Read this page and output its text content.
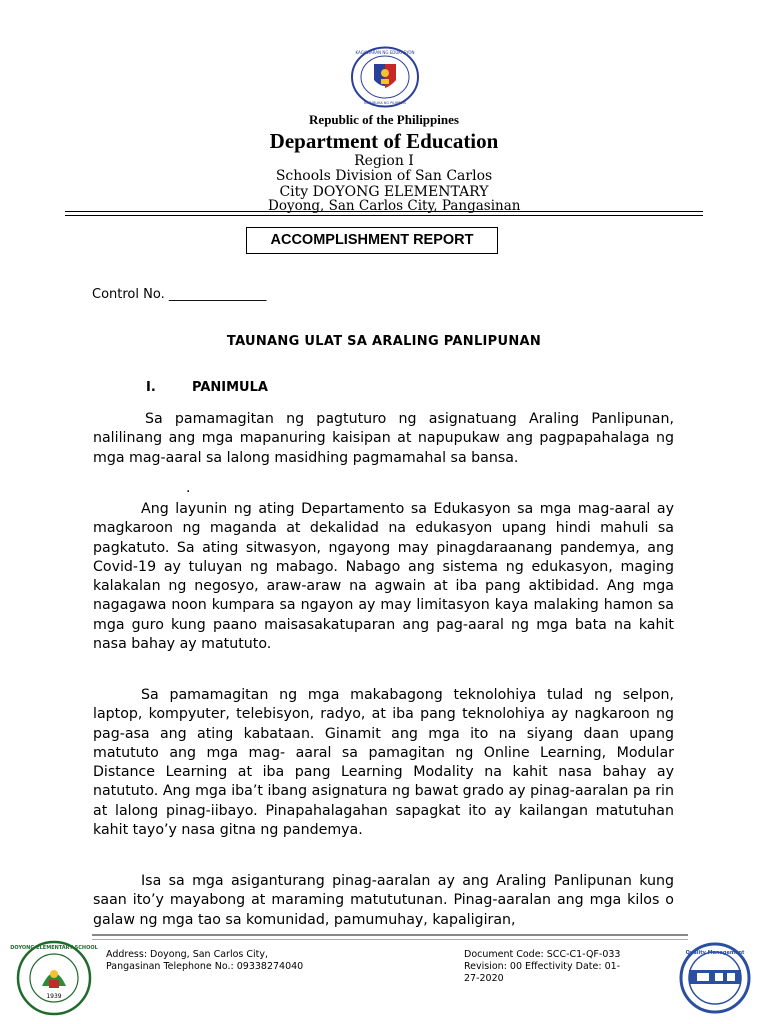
KAGAWARAN NG EDUKASYON
REPUBLIKA NG PILIPINAS
Republic of the Philippines
Department of Education
Region I
Schools Division of San Carlos
City DOYONG ELEMENTARY
Doyong, San Carlos City, Pangasinan
ACCOMPLISHMENT REPORT
Control No. _______________
TAUNANG ULAT SA ARALING PANLIPUNAN
I.	PANIMULA

Sa pamamagitan ng pagtuturo ng asignatuang Araling Panlipunan, nalilinang ang mga mapanuring kaisipan at napupukaw ang pagpapahalaga ng mga mag-aaral sa lalong masidhing pagmamahal sa bansa.

.

Ang layunin ng ating Departamento sa Edukasyon sa mga mag-aaral ay magkaroon ng maganda at dekalidad na edukasyon upang hindi mahuli sa pagkatuto. Sa ating sitwasyon, ngayong may pinagdaraanang pandemya, ang Covid-19 ay tuluyan ng mabago. Nabago ang sistema ng edukasyon, maging kalakalan ng negosyo, araw-araw na agwain at iba pang aktibidad. Ang mga nagagawa noon kumpara sa ngayon ay may limitasyon kaya malaking hamon sa mga guro kung paano maisasakatuparan ang pag-aaral ng mga bata na kahit nasa bahay ay matututo.

Sa pamamagitan ng mga makabagong teknolohiya tulad ng selpon, laptop, kompyuter, telebisyon, radyo, at iba pang teknolohiya ay nagkaroon ng pag-asa ang ating kabataan. Ginamit ang mga ito na siyang daan upang matututo ang mga mag- aaral sa pamagitan ng Online Learning, Modular Distance Learning at iba pang Learning Modality na kahit nasa bahay ay natututo. Ang mga iba’t ibang asignatura ng bawat grado ay pinag-aaralan pa rin at lalong pinag-iibayo. Pinapahalagahan sapagkat ito ay kailangan matutuhan kahit tayo’y nasa gitna ng pandemya.

Isa sa mga asiganturang pinag-aaralan ay ang Araling Panlipunan kung saan ito’y mayabong at maraming matututunan. Pinag-aaralan ang mga kilos o galaw ng mga tao sa komunidad, pamumuhay, kapaligiran,

DOYONG ELEMENTARY SCHOOL
1939
Address: Doyong, San Carlos City, Pangasinan Telephone No.: 09338274040
Document Code: SCC-C1-QF-033 Revision: 00 Effectivity Date: 01-27-2020
Quality Management
